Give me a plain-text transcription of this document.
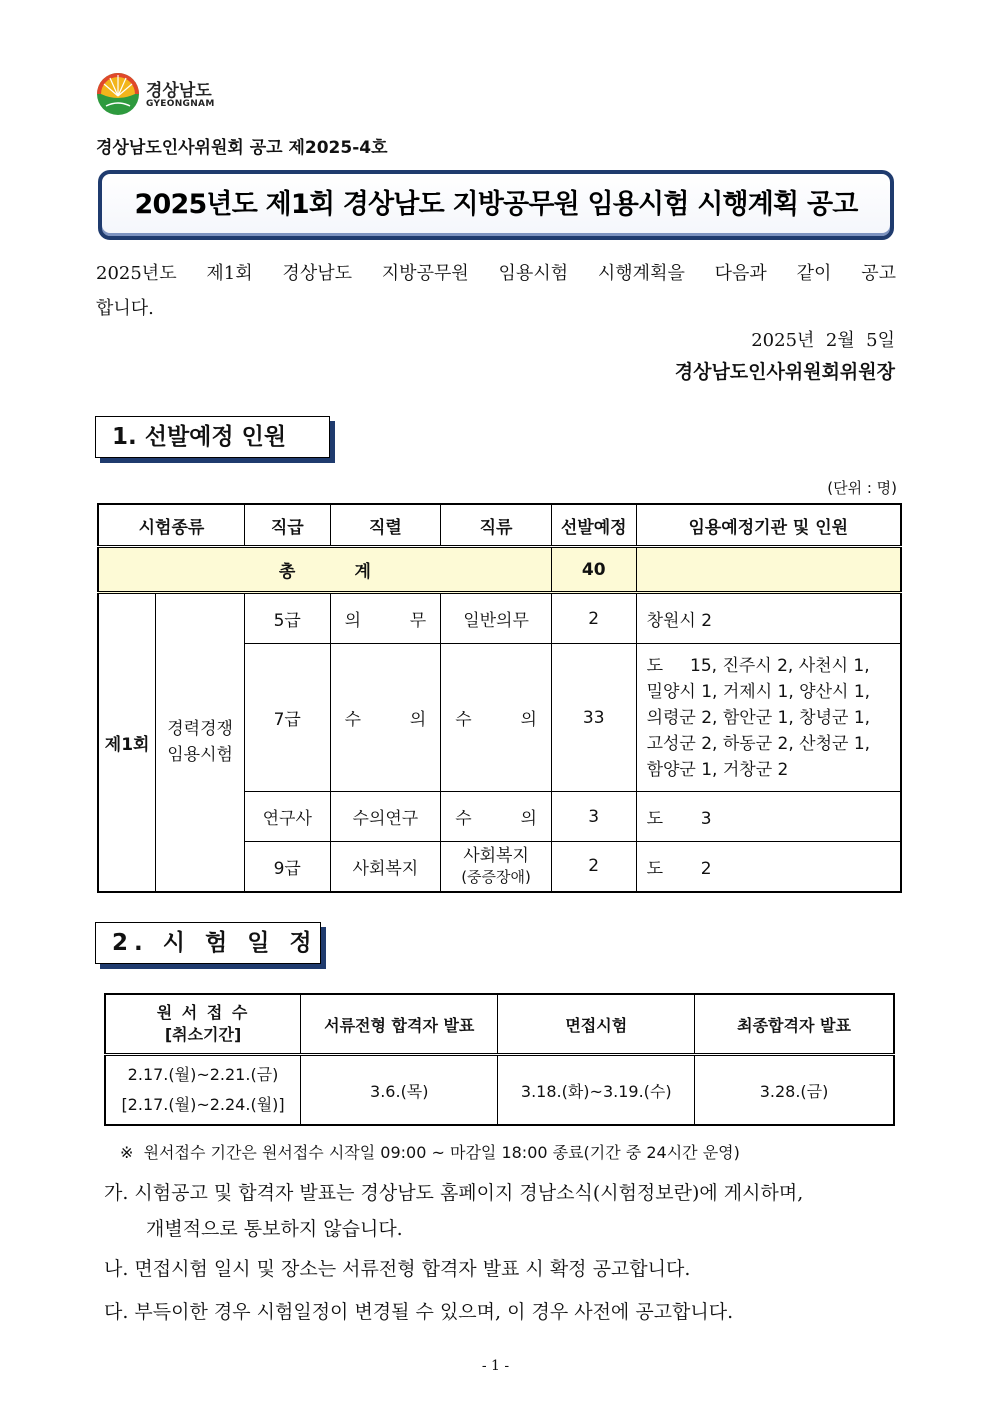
경상남도
GYEONGNAM
경상남도인사위원회 공고 제2025-4호
2025년도 제1회 경상남도 지방공무원 임용시험 시행계획 공고
2025년도 제1회 경상남도 지방공무원 임용시험 시행계획을 다음과 같이 공고
합니다.
2025년  2월  5일
경상남도인사위원회위원장
1. 선발예정 인원
(단위 : 명)
시험종류		직급	직렬	직류	선발예정	임용예정기관 및 인원
총          계					40	
제1회	경력경쟁
임용시험	5급	의 무	일반의무	2	창원시 2

		7급	수 의	수 의	33	도     15, 진주시 2, 사천시 1,
밀양시 1, 거제시 1, 양산시 1,
의령군 2, 함안군 1, 창녕군 1,
고성군 2, 하동군 2, 산청군 1,
함양군 1, 거창군 2

		연구사	수의연구	수 의	3	도       3

		9급	사회복지	사회복지
(중증장애)	2	도       2
2. 시 험 일 정
원 서 접 수
[취소기간]	서류전형 합격자 발표	면접시험	최종합격자 발표

2.17.(월)~2.21.(금)
[2.17.(월)~2.24.(월)]	3.6.(목)	3.18.(화)~3.19.(수)	3.28.(금)
※  원서접수 기간은 원서접수 시작일 09:00 ~ 마감일 18:00 종료(기간 중 24시간 운영)
가. 시험공고 및 합격자 발표는 경상남도 홈페이지 경남소식(시험정보란)에 게시하며,
개별적으로 통보하지 않습니다.
나. 면접시험 일시 및 장소는 서류전형 합격자 발표 시 확정 공고합니다.
다. 부득이한 경우 시험일정이 변경될 수 있으며, 이 경우 사전에 공고합니다.
- 1 -
